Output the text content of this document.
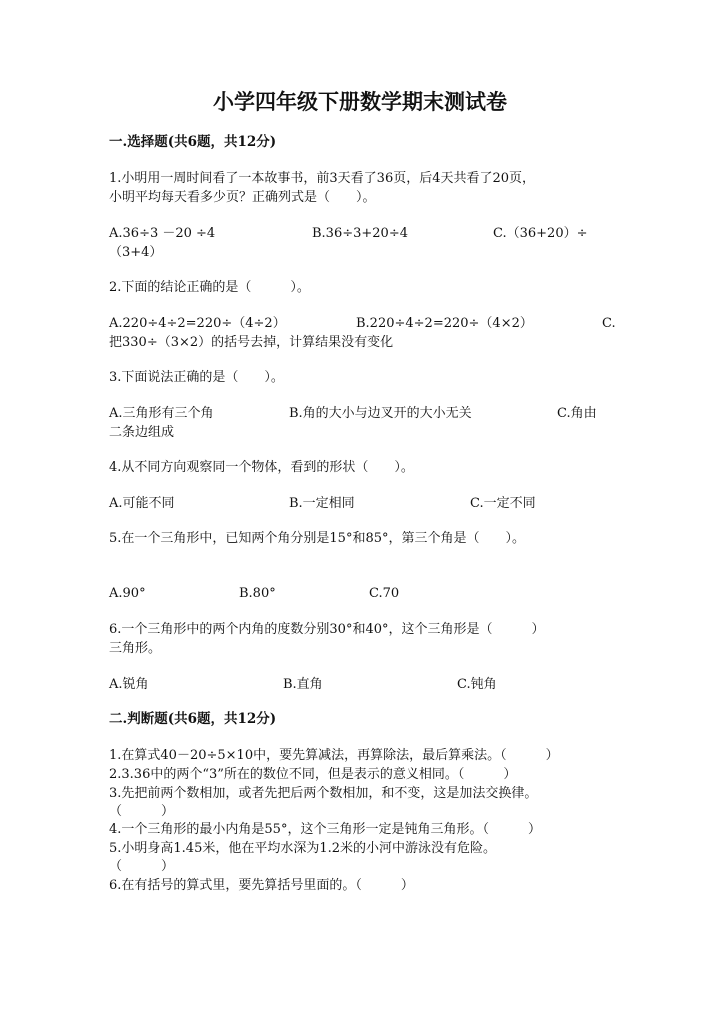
小学四年级下册数学期末测试卷
一.选择题(共6题，共12分)
1.小明用一周时间看了一本故事书，前3天看了36页，后4天共看了20页，
小明平均每天看多少页？正确列式是（　　）。
A.36÷3 －20 ÷4	B.36÷3+20÷4	C.（36+20）÷
（3+4）
2.下面的结论正确的是（　　　）。
A.220÷4÷2=220÷（4÷2）	B.220÷4÷2=220÷（4×2）	C.
把330÷（3×2）的括号去掉，计算结果没有变化
3.下面说法正确的是（　　）。
A.三角形有三个角	B.角的大小与边叉开的大小无关	C.角由
二条边组成
4.从不同方向观察同一个物体，看到的形状（　　）。
A.可能不同	B.一定相同	C.一定不同
5.在一个三角形中，已知两个角分别是15°和85°，第三个角是（　　）。
A.90°	B.80°	C.70
6.一个三角形中的两个内角的度数分别30°和40°，这个三角形是（　　　）
三角形。
A.锐角	B.直角	C.钝角
二.判断题(共6题，共12分)
1.在算式40－20÷5×10中，要先算减法，再算除法，最后算乘法。（　　　）
2.3.36中的两个“3”所在的数位不同，但是表示的意义相同。（　　　）
3.先把前两个数相加，或者先把后两个数相加，和不变，这是加法交换律。
（　　　）
4.一个三角形的最小内角是55°，这个三角形一定是钝角三角形。（　　　）
5.小明身高1.45米，他在平均水深为1.2米的小河中游泳没有危险。
（　　　）
6.在有括号的算式里，要先算括号里面的。（　　　）
